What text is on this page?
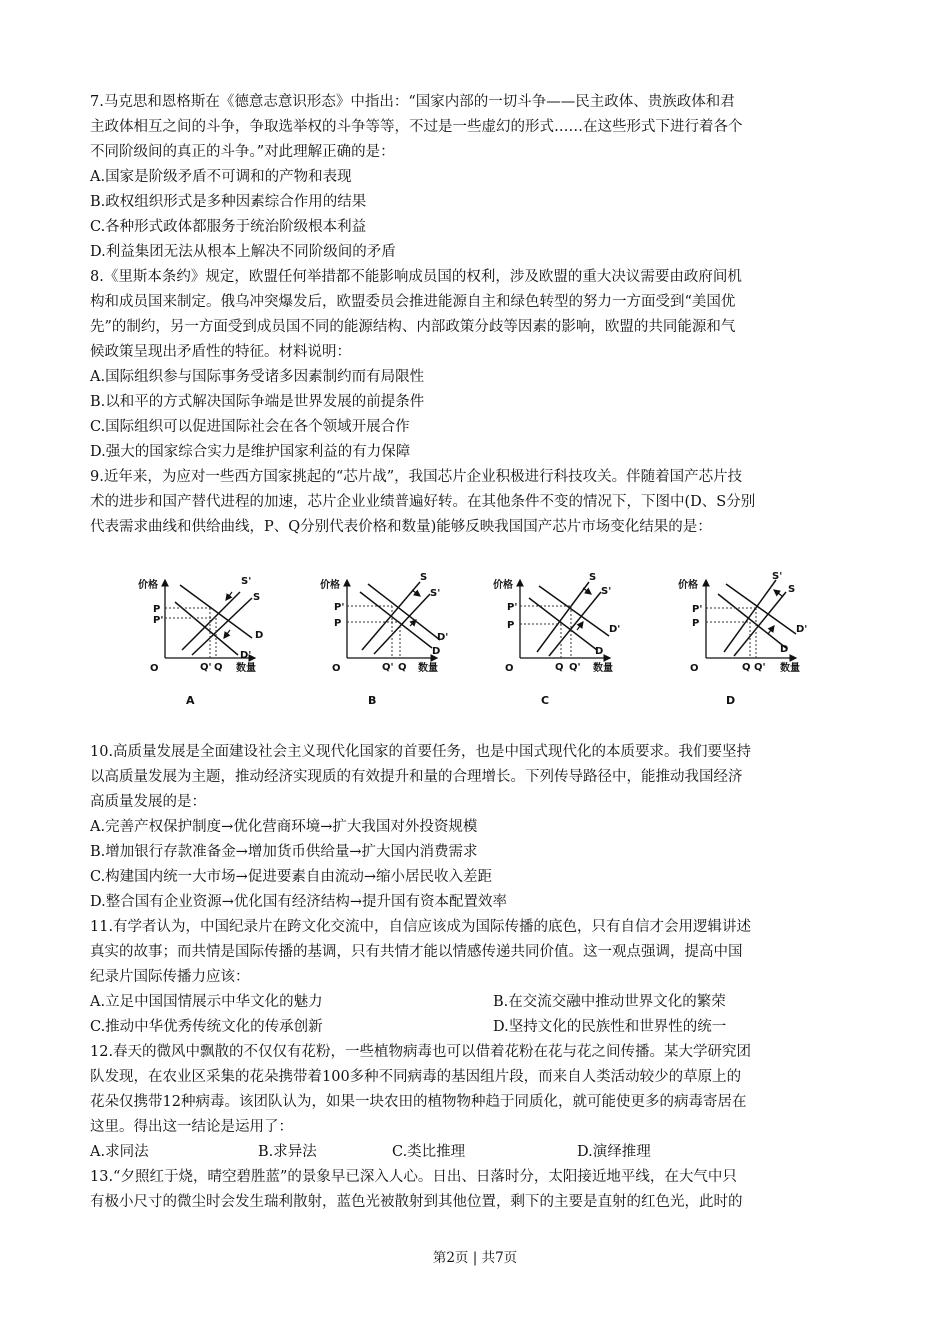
7.马克思和恩格斯在《德意志意识形态》中指出：“国家内部的一切斗争——民主政体、贵族政体和君
主政体相互之间的斗争，争取选举权的斗争等等，不过是一些虚幻的形式……在这些形式下进行着各个
不同阶级间的真正的斗争。”对此理解正确的是：
A.国家是阶级矛盾不可调和的产物和表现
B.政权组织形式是多种因素综合作用的结果
C.各种形式政体都服务于统治阶级根本利益
D.利益集团无法从根本上解决不同阶级间的矛盾
8.《里斯本条约》规定，欧盟任何举措都不能影响成员国的权利，涉及欧盟的重大决议需要由政府间机
构和成员国来制定。俄乌冲突爆发后，欧盟委员会推进能源自主和绿色转型的努力一方面受到“美国优
先”的制约，另一方面受到成员国不同的能源结构、内部政策分歧等因素的影响，欧盟的共同能源和气
候政策呈现出矛盾性的特征。材料说明：
A.国际组织参与国际事务受诸多因素制约而有局限性
B.以和平的方式解决国际争端是世界发展的前提条件
C.国际组织可以促进国际社会在各个领域开展合作
D.强大的国家综合实力是维护国家利益的有力保障
9.近年来，为应对一些西方国家挑起的“芯片战”，我国芯片企业积极进行科技攻关。伴随着国产芯片技
术的进步和国产替代进程的加速，芯片企业业绩普遍好转。在其他条件不变的情况下，下图中(D、S分别
代表需求曲线和供给曲线，P、Q分别代表价格和数量)能够反映我国国产芯片市场变化结果的是：
价格
O	数量
P
P'
Q' Q
S'
S
D
D'
A
价格
O	数量
P'
P
Q' Q
S
S'
D'
D
B
价格
O	数量
P'
P
Q Q'
S
S'
D'
D
C
价格
O	数量
P'
P
Q Q'
S'
S
D'
D
D
10.高质量发展是全面建设社会主义现代化国家的首要任务，也是中国式现代化的本质要求。我们要坚持
以高质量发展为主题，推动经济实现质的有效提升和量的合理增长。下列传导路径中，能推动我国经济
高质量发展的是：
A.完善产权保护制度→优化营商环境→扩大我国对外投资规模
B.增加银行存款准备金→增加货币供给量→扩大国内消费需求
C.构建国内统一大市场→促进要素自由流动→缩小居民收入差距
D.整合国有企业资源→优化国有经济结构→提升国有资本配置效率
11.有学者认为，中国纪录片在跨文化交流中，自信应该成为国际传播的底色，只有自信才会用逻辑讲述
真实的故事；而共情是国际传播的基调，只有共情才能以情感传递共同价值。这一观点强调，提高中国
纪录片国际传播力应该：
A.立足中国国情展示中华文化的魅力	B.在交流交融中推动世界文化的繁荣
C.推动中华优秀传统文化的传承创新	D.坚持文化的民族性和世界性的统一
12.春天的微风中飘散的不仅仅有花粉，一些植物病毒也可以借着花粉在花与花之间传播。某大学研究团
队发现，在农业区采集的花朵携带着100多种不同病毒的基因组片段，而来自人类活动较少的草原上的
花朵仅携带12种病毒。该团队认为，如果一块农田的植物物种趋于同质化，就可能使更多的病毒寄居在
这里。得出这一结论是运用了：
A.求同法	B.求异法	C.类比推理	D.演绎推理
13.“夕照红于烧，晴空碧胜蓝”的景象早已深入人心。日出、日落时分，太阳接近地平线，在大气中只
有极小尺寸的微尘时会发生瑞利散射，蓝色光被散射到其他位置，剩下的主要是直射的红色光，此时的
第2页 | 共7页
